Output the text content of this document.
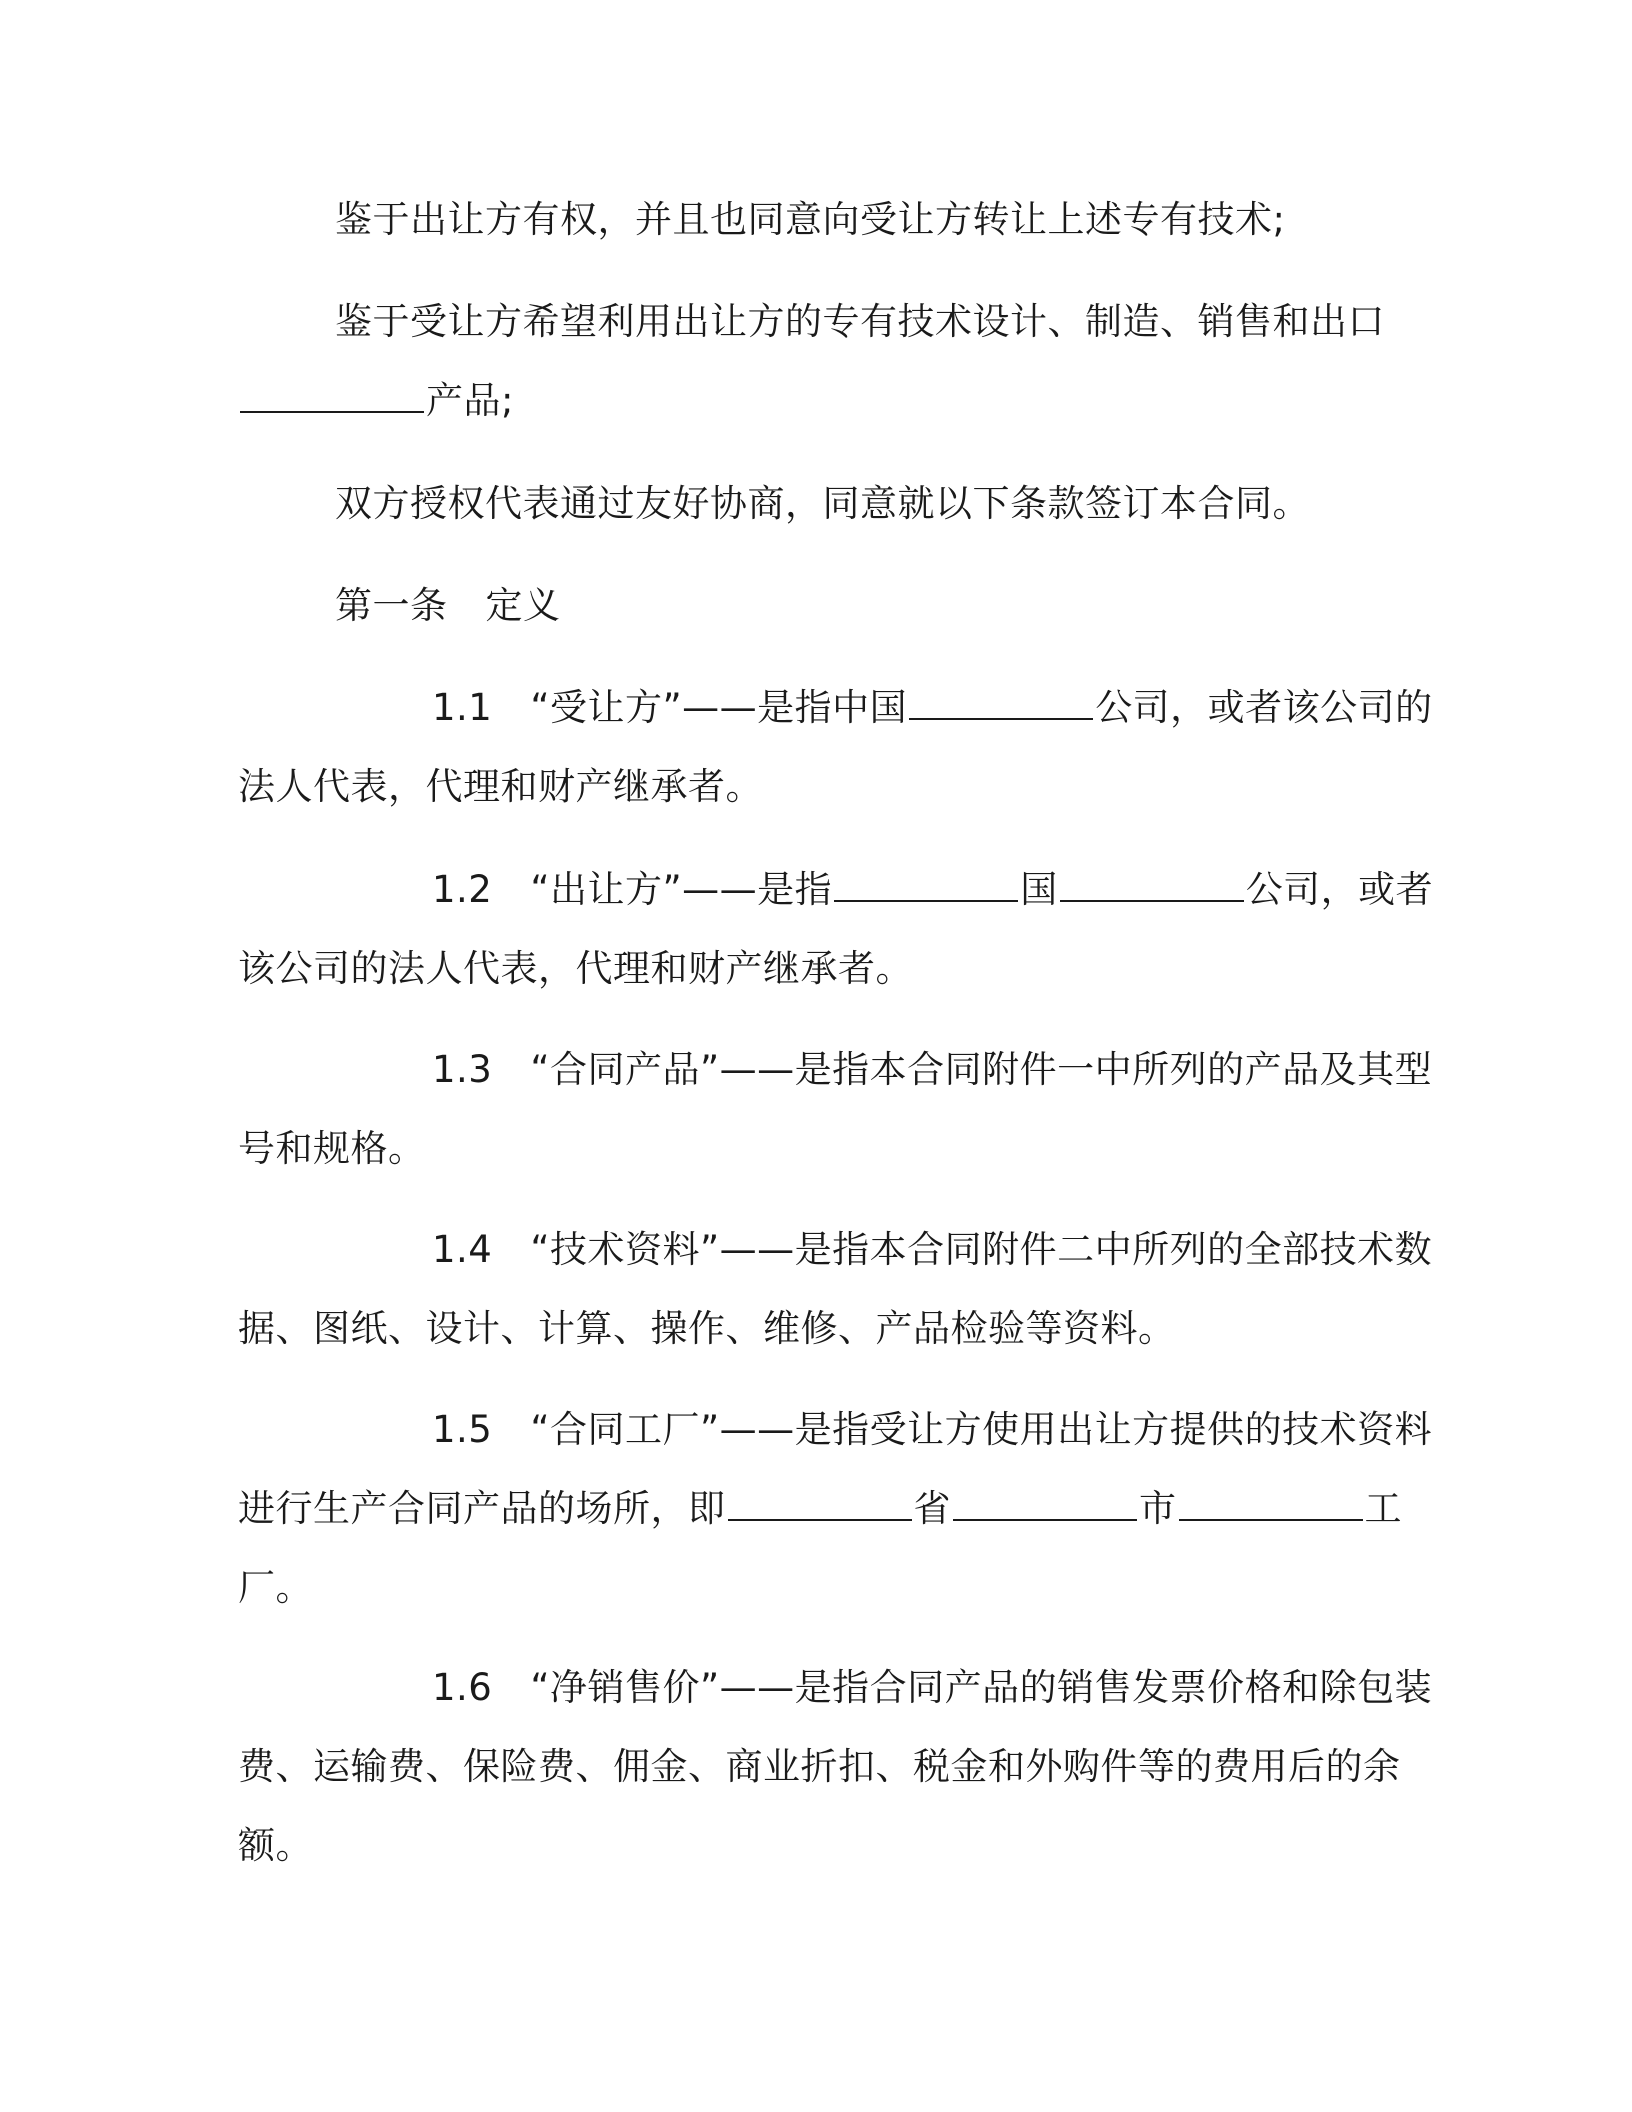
鉴于出让方有权，并且也同意向受让方转让上述专有技术;

鉴于受让方希望利用出让方的专有技术设计、制造、销售和出口产品;

双方授权代表通过友好协商，同意就以下条款签订本合同。

第一条 定义

1.1 “受让方”——是指中国	公司，或者该公司的法人代表，代理和财产继承者。

1.2 “出让方”——是指	国	公司，或者该公司的法人代表，代理和财产继承者。

1.3 “合同产品”——是指本合同附件一中所列的产品及其型号和规格。

1.4 “技术资料”——是指本合同附件二中所列的全部技术数据、图纸、设计、计算、操作、维修、产品检验等资料。

1.5 “合同工厂”——是指受让方使用出让方提供的技术资料进行生产合同产品的场所，即	省	市	工厂。

1.6 “净销售价”——是指合同产品的销售发票价格和除包装费、运输费、保险费、佣金、商业折扣、税金和外购件等的费用后的余额。
